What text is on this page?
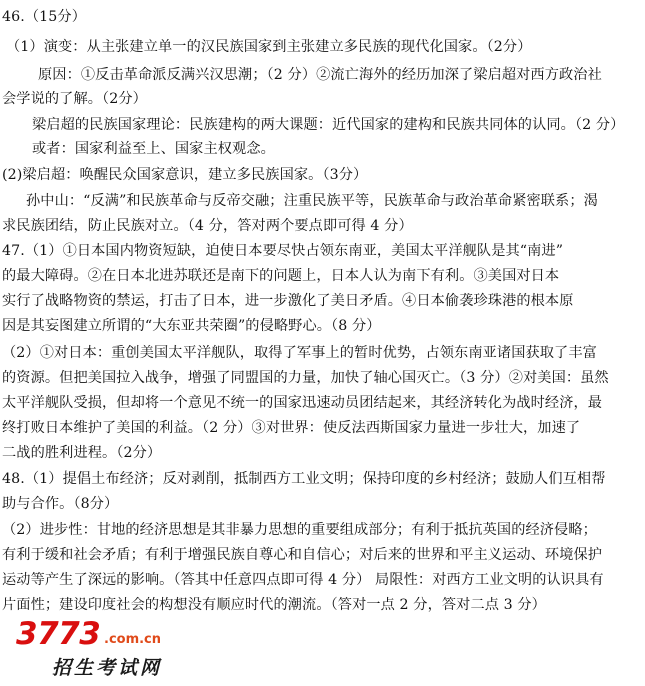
46.（15分）
（1）演变：从主张建立单一的汉民族国家到主张建立多民族的现代化国家。（2分）
原因：①反击革命派反满兴汉思潮；（2 分）②流亡海外的经历加深了梁启超对西方政治社
会学说的了解。（2分）
梁启超的民族国家理论：民族建构的两大课题：近代国家的建构和民族共同体的认同。（2 分）
或者：国家利益至上、国家主权观念。
(2)梁启超：唤醒民众国家意识，建立多民族国家。（3分）
孙中山：“反满”和民族革命与反帝交融；注重民族平等，民族革命与政治革命紧密联系；渴
求民族团结，防止民族对立。（4 分，答对两个要点即可得 4 分）
47.（1）①日本国内物资短缺，迫使日本要尽快占领东南亚，美国太平洋舰队是其“南进”
的最大障碍。②在日本北进苏联还是南下的问题上，日本人认为南下有利。③美国对日本
实行了战略物资的禁运，打击了日本，进一步激化了美日矛盾。④日本偷袭珍珠港的根本原
因是其妄图建立所谓的“大东亚共荣圈”的侵略野心。（8 分）
（2）①对日本：重创美国太平洋舰队，取得了军事上的暂时优势，占领东南亚诸国获取了丰富
的资源。但把美国拉入战争，增强了同盟国的力量，加快了轴心国灭亡。（3 分）②对美国：虽然
太平洋舰队受损，但却将一个意见不统一的国家迅速动员团结起来，其经济转化为战时经济，最
终打败日本维护了美国的利益。（2 分）③对世界：使反法西斯国家力量进一步壮大，加速了
二战的胜利进程。（2分）
48.（1）提倡土布经济；反对剥削，抵制西方工业文明；保持印度的乡村经济；鼓励人们互相帮
助与合作。（8分）
（2）进步性：甘地的经济思想是其非暴力思想的重要组成部分；有利于抵抗英国的经济侵略；
有利于缓和社会矛盾；有利于增强民族自尊心和自信心；对后来的世界和平主义运动、环境保护
运动等产生了深远的影响。（答其中任意四点即可得 4 分） 局限性：对西方工业文明的认识具有
片面性；建设印度社会的构想没有顺应时代的潮流。（答对一点 2 分，答对二点 3 分）
3773 .com.cn
招生考试网
